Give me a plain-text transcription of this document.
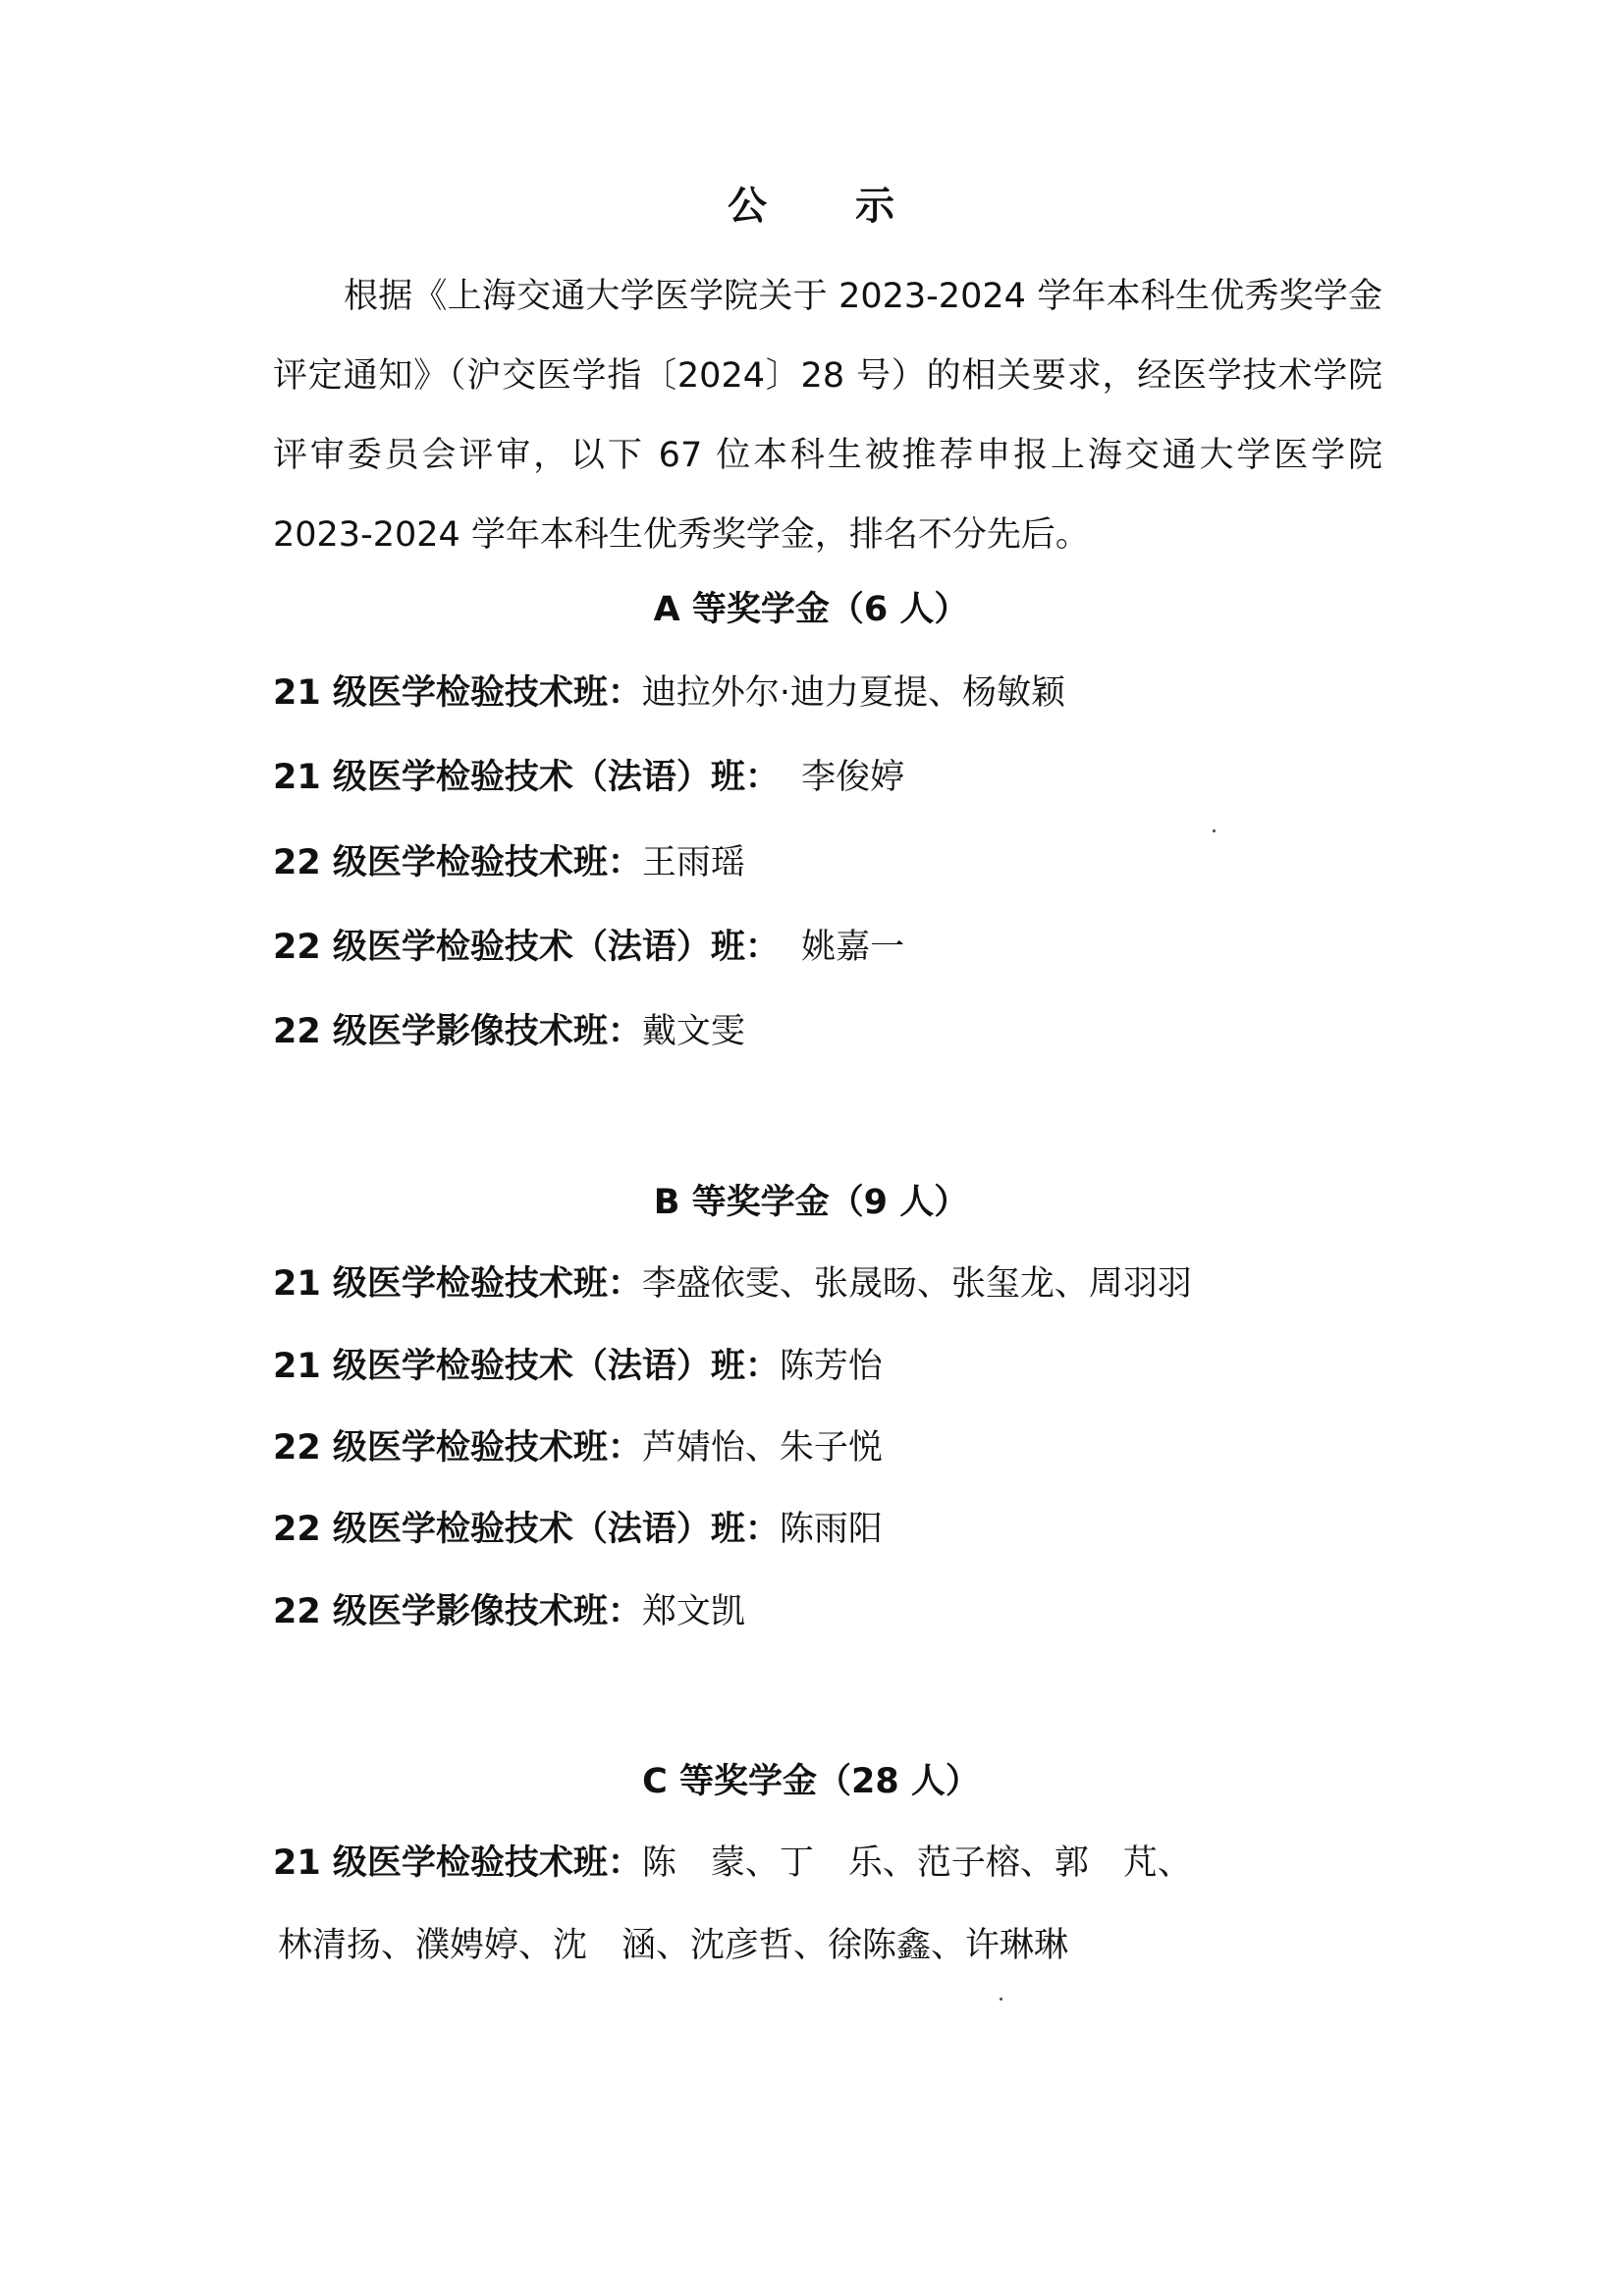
公 示
根据《上海交通大学医学院关于 2023-2024 学年本科生优秀奖学金评定通知》（沪交医学指〔2024〕28 号）的相关要求，经医学技术学院评审委员会评审，以下 67 位本科生被推荐申报上海交通大学医学院 2023-2024 学年本科生优秀奖学金，排名不分先后。
A 等奖学金（6 人）
21 级医学检验技术班：迪拉外尔·迪力夏提、杨敏颖
21 级医学检验技术（法语）班：  李俊婷
22 级医学检验技术班：王雨瑶
22 级医学检验技术（法语）班：  姚嘉一
22 级医学影像技术班：戴文雯
B 等奖学金（9 人）
21 级医学检验技术班：李盛依雯、张晟旸、张玺龙、周羽羽
21 级医学检验技术（法语）班：陈芳怡
22 级医学检验技术班：芦婧怡、朱子悦
22 级医学检验技术（法语）班：陈雨阳
22 级医学影像技术班：郑文凯
C 等奖学金（28 人）
21 级医学检验技术班：陈　蒙、丁　乐、范子榕、郭　芃、
林清扬、濮娉婷、沈　涵、沈彦哲、徐陈鑫、许琳琳
